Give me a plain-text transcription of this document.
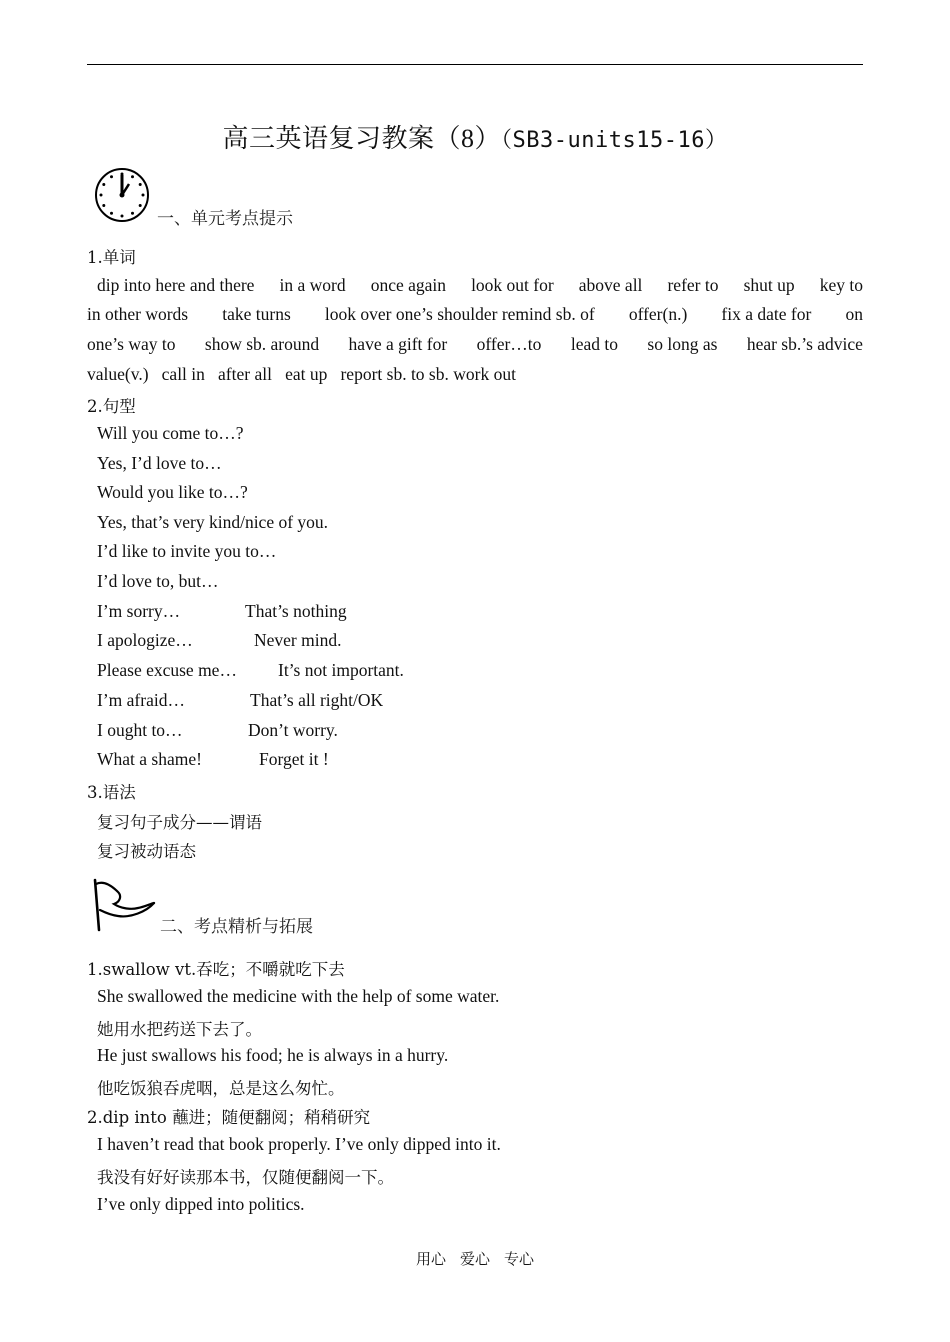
高三英语复习教案（8）（SB3-units15-16）
一、单元考点提示
1.单词
dip into here and there in a word once again look out for above all refer to shut up key to
in other words take turns look over one’s shoulder remind sb. of offer(n.) fix a date for on
one’s way to show sb. around have a gift for offer…to lead to so long as hear sb.’s advice
value(v.)   call in   after all   eat up   report sb. to sb. work out
2.句型
Will you come to…?
Yes, I’d love to…
Would you like to…?
Yes, that’s very kind/nice of you.
I’d like to invite you to…
I’d love to, but…
I’m sorry…	That’s nothing
I apologize…	Never mind.
Please excuse me… It’s not important.
I’m afraid…	That’s all right/OK
I ought to…	Don’t worry.
What a shame!	Forget it !
3.语法
复习句子成分——谓语
复习被动语态
二、考点精析与拓展
1.swallow vt.吞吃；不嚼就吃下去
She swallowed the medicine with the help of some water.
她用水把药送下去了。
He just swallows his food; he is always in a hurry.
他吃饭狼吞虎咽，总是这么匆忙。
2.dip into 蘸进；随便翻阅；稍稍研究
I haven’t read that book properly. I’ve only dipped into it.
我没有好好读那本书，仅随便翻阅一下。
I’ve only dipped into politics.
用心 爱心 专心
